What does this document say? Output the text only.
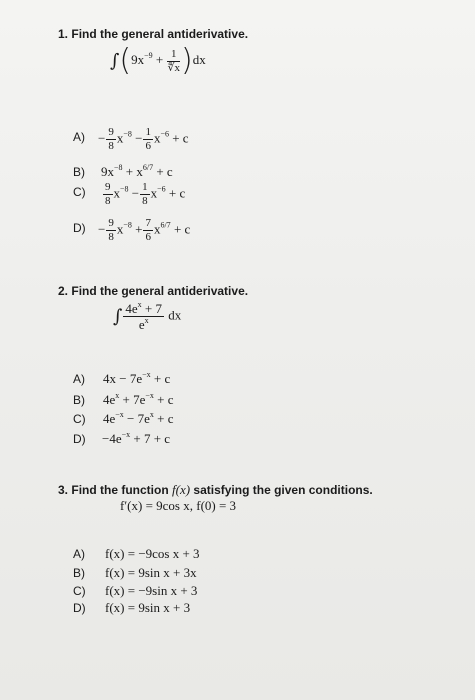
1. Find the general antiderivative.
$\int(9x^{-9} + \frac{1}{∜x} )dx$
A)	− $\frac{9}{8} x^{-8} - \frac{1}{6} x^{-6} + c$
B)	$9x^{-8} + x^{6/7} + c$
C)	$\frac{9}{8} x^{-8} - \frac{1}{8} x^{-6} + c$
$D) - \frac{9}{8} x^{-8} + \frac{7}{6} x^{6/7} + c$
2. Find the general antiderivative.
∫ $\frac{4e^x + 7}{e^x}$ dx
A)	$4x - 7e^{-x} + c$
B)	$4e^x + 7e^{-x} + c$
C)	$4e^{-x} - 7e^x + c$
D)	$-4e^{-x} + 7 + c$
3. Find the function f(x) satisfying the given conditions.
f′(x) = 9cos x, f(0) = 3
A)	f(x) = −9cos x + 3
B)	f(x) = 9sin x + 3x
C)	f(x) = −9sin x + 3
D)	f(x) = 9sin x + 3
